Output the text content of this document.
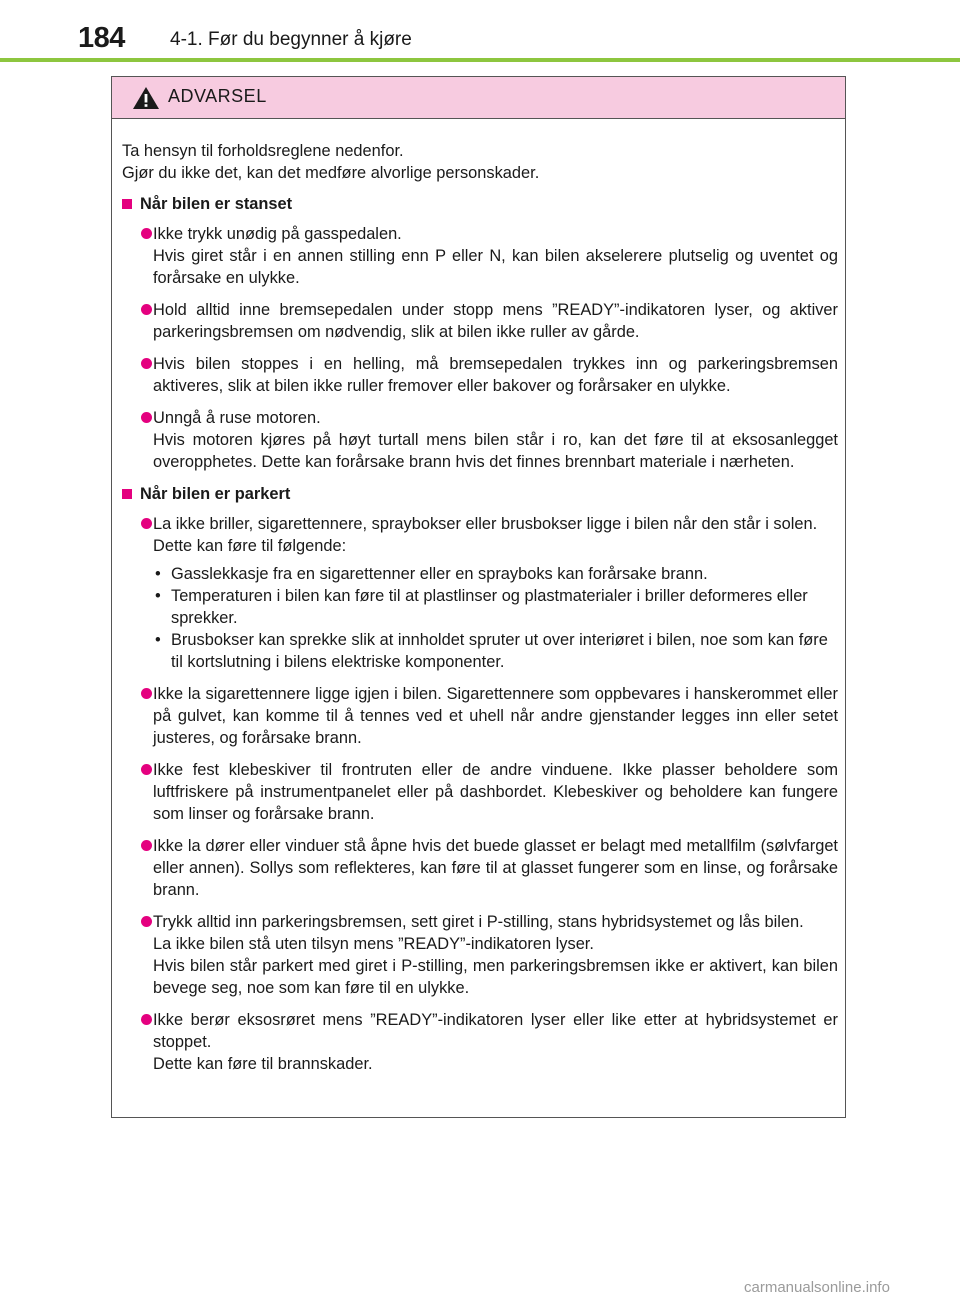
184 4-1. Før du begynner å kjøre
ADVARSEL
Ta hensyn til forholdsreglene nedenfor.
Gjør du ikke det, kan det medføre alvorlige personskader.
Når bilen er stanset

Ikke trykk unødig på gasspedalen.

Hvis giret står i en annen stilling enn P eller N, kan bilen akselerere plutselig og uventet og forårsake en ulykke.

Hold alltid inne bremsepedalen under stopp mens ”READY”-indikatoren lyser, og aktiver parkeringsbremsen om nødvendig, slik at bilen ikke ruller av gårde.

Hvis bilen stoppes i en helling, må bremsepedalen trykkes inn og parkeringsbremsen aktiveres, slik at bilen ikke ruller fremover eller bakover og forårsaker en ulykke.

Unngå å ruse motoren.

Hvis motoren kjøres på høyt turtall mens bilen står i ro, kan det føre til at eksosanlegget overopphetes. Dette kan forårsake brann hvis det finnes brennbart materiale i nærheten.

Når bilen er parkert

La ikke briller, sigarettennere, spraybokser eller brusbokser ligge i bilen når den står i solen.

Dette kan føre til følgende:

• Gasslekkasje fra en sigarettenner eller en sprayboks kan forårsake brann.
• Temperaturen i bilen kan føre til at plastlinser og plastmaterialer i briller deformeres eller sprekker.
• Brusbokser kan sprekke slik at innholdet spruter ut over interiøret i bilen, noe som kan føre til kortslutning i bilens elektriske komponenter.

Ikke la sigarettennere ligge igjen i bilen. Sigarettennere som oppbevares i hanskerommet eller på gulvet, kan komme til å tennes ved et uhell når andre gjenstander legges inn eller setet justeres, og forårsake brann.

Ikke fest klebeskiver til frontruten eller de andre vinduene. Ikke plasser beholdere som luftfriskere på instrumentpanelet eller på dashbordet. Klebeskiver og beholdere kan fungere som linser og forårsake brann.

Ikke la dører eller vinduer stå åpne hvis det buede glasset er belagt med metallfilm (sølvfarget eller annen). Sollys som reflekteres, kan føre til at glasset fungerer som en linse, og forårsake brann.

Trykk alltid inn parkeringsbremsen, sett giret i P-stilling, stans hybridsystemet og lås bilen.

La ikke bilen stå uten tilsyn mens ”READY”-indikatoren lyser.

Hvis bilen står parkert med giret i P-stilling, men parkeringsbremsen ikke er aktivert, kan bilen bevege seg, noe som kan føre til en ulykke.

Ikke berør eksosrøret mens ”READY”-indikatoren lyser eller like etter at hybridsystemet er stoppet.

Dette kan føre til brannskader.

carmanualsonline.info
